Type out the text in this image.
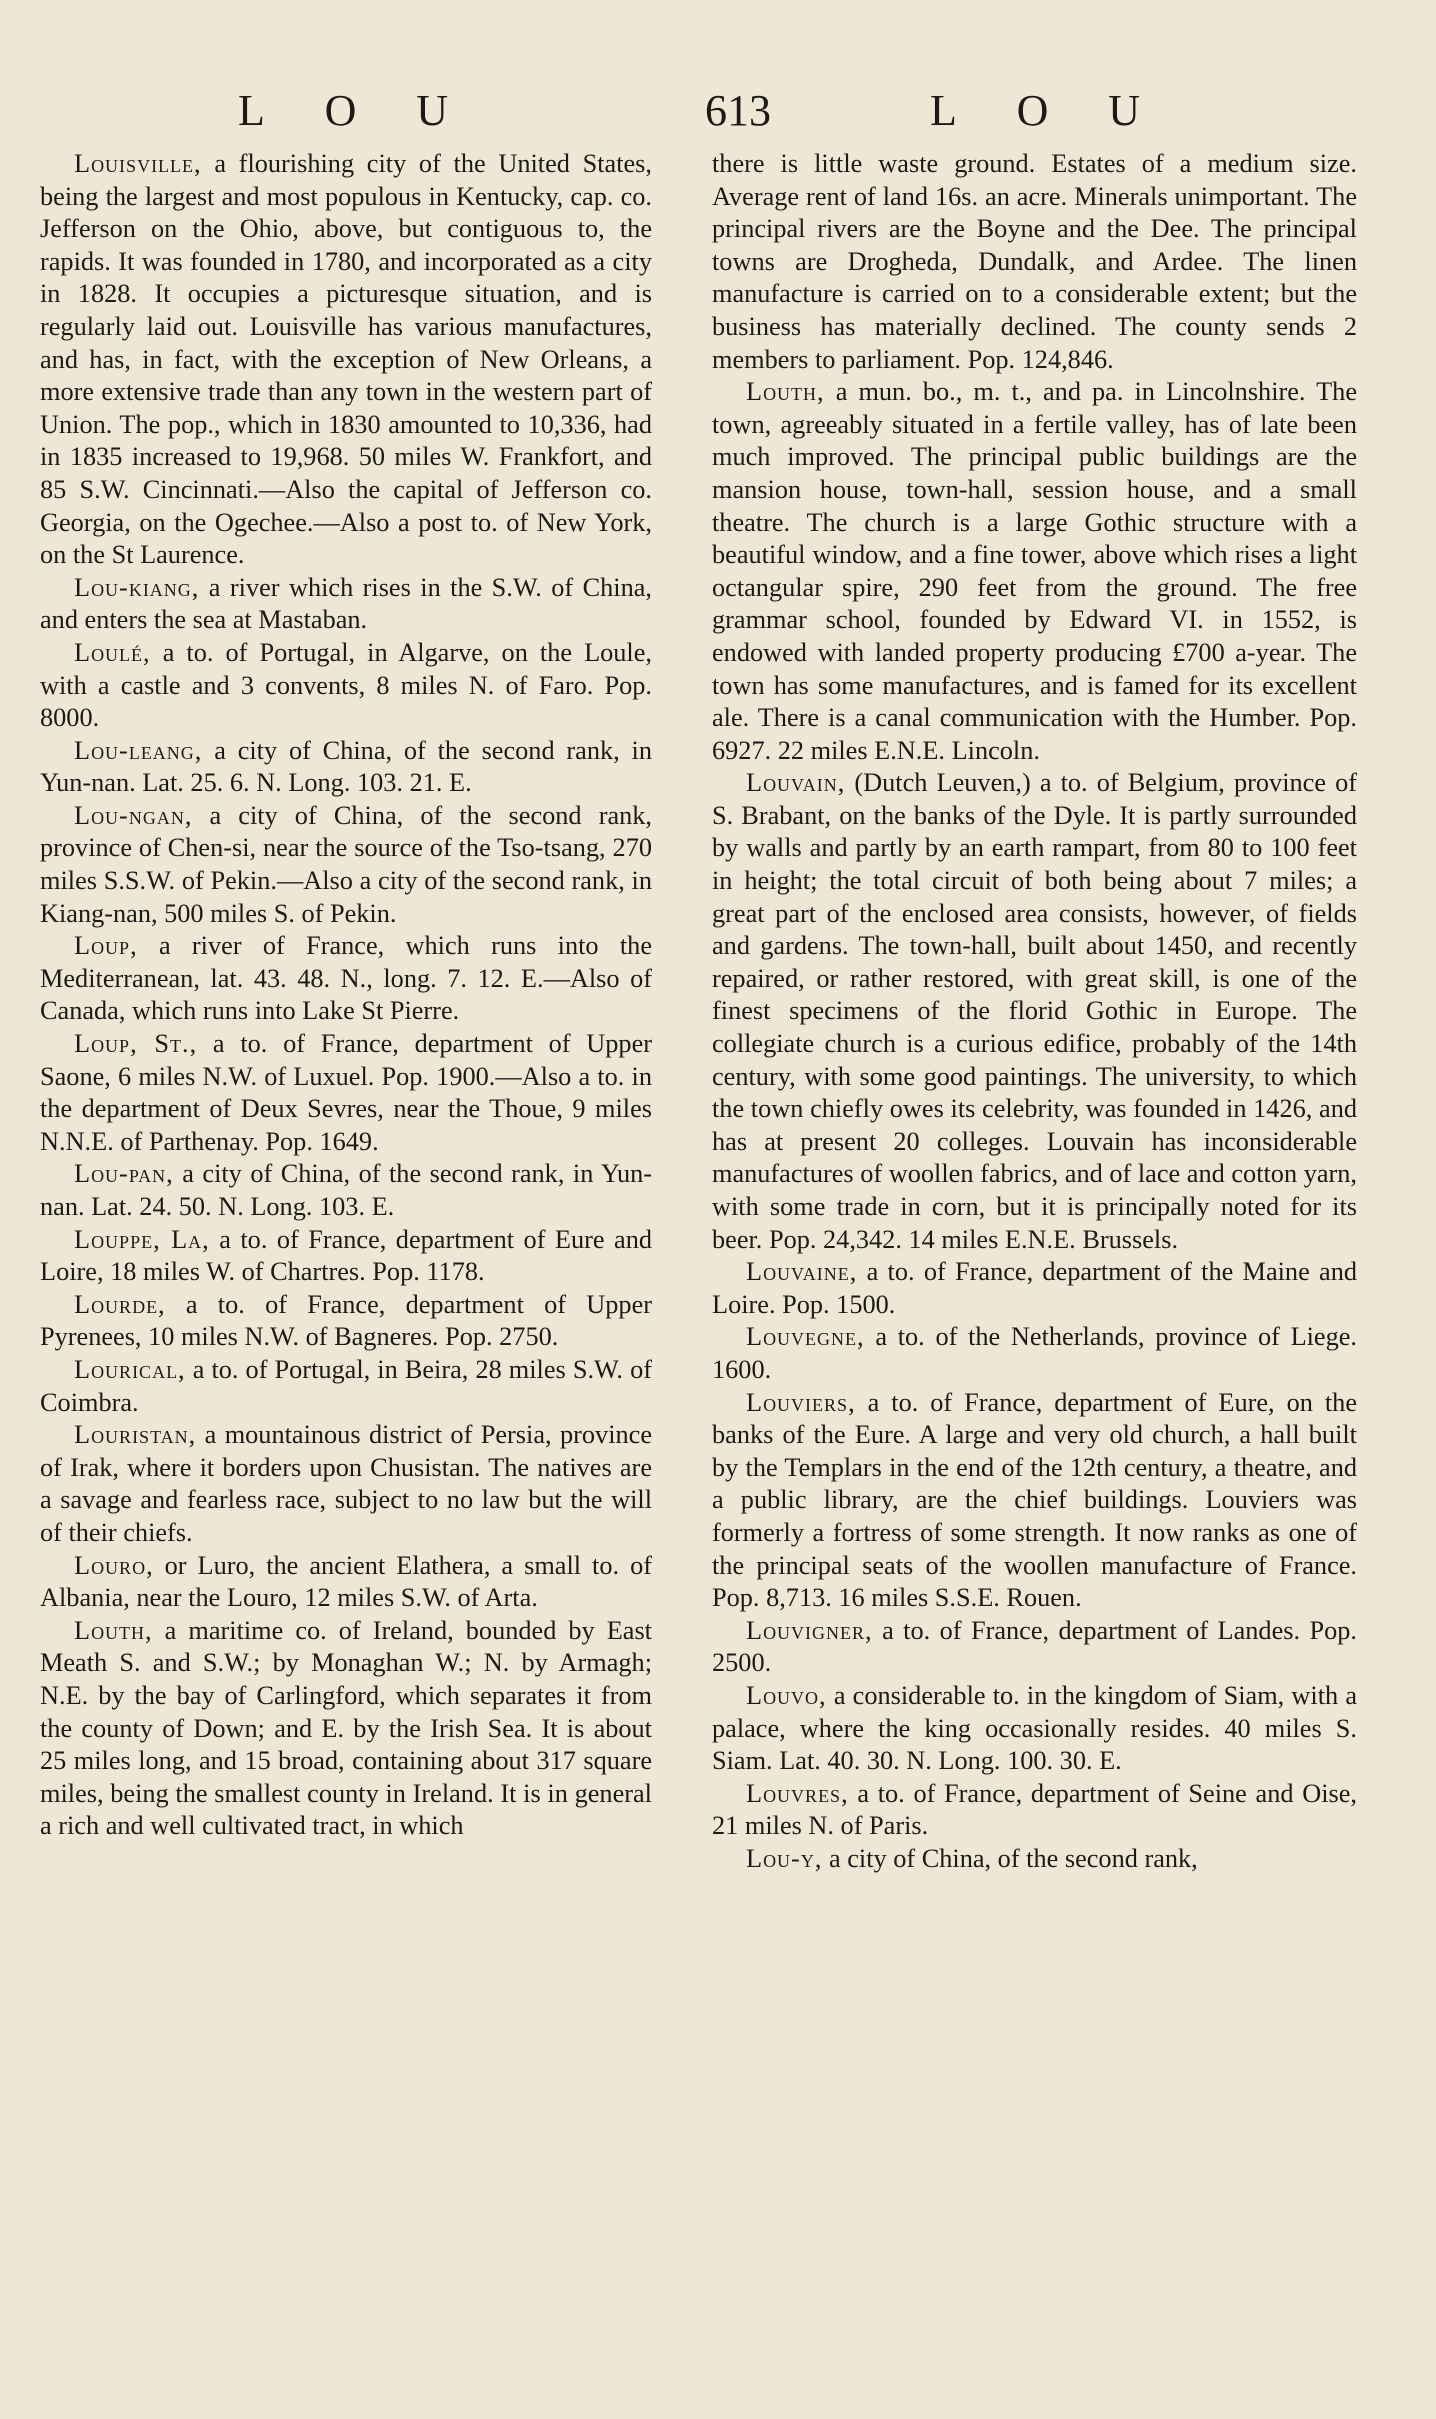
L O U	613	L O U

Louisville, a flourishing city of the United States, being the largest and most populous in Kentucky, cap. co. Jefferson on the Ohio, above, but contiguous to, the rapids. It was founded in 1780, and incorporated as a city in 1828. It occupies a picturesque situation, and is regularly laid out. Louisville has various manufactures, and has, in fact, with the exception of New Orleans, a more extensive trade than any town in the western part of Union. The pop., which in 1830 amounted to 10,336, had in 1835 increased to 19,968. 50 miles W. Frankfort, and 85 S.W. Cincinnati.—Also the capital of Jefferson co. Georgia, on the Ogechee.—Also a post to. of New York, on the St Laurence.

Lou-kiang, a river which rises in the S.W. of China, and enters the sea at Mastaban.

Loulé, a to. of Portugal, in Algarve, on the Loule, with a castle and 3 convents, 8 miles N. of Faro. Pop. 8000.

Lou-leang, a city of China, of the second rank, in Yun-nan. Lat. 25. 6. N. Long. 103. 21. E.

Lou-ngan, a city of China, of the second rank, province of Chen-si, near the source of the Tso-tsang, 270 miles S.S.W. of Pekin.—Also a city of the second rank, in Kiang-nan, 500 miles S. of Pekin.

Loup, a river of France, which runs into the Mediterranean, lat. 43. 48. N., long. 7. 12. E.—Also of Canada, which runs into Lake St Pierre.

Loup, St., a to. of France, department of Upper Saone, 6 miles N.W. of Luxuel. Pop. 1900.—Also a to. in the department of Deux Sevres, near the Thoue, 9 miles N.N.E. of Parthenay. Pop. 1649.

Lou-pan, a city of China, of the second rank, in Yun-nan. Lat. 24. 50. N. Long. 103. E.

Louppe, La, a to. of France, department of Eure and Loire, 18 miles W. of Chartres. Pop. 1178.

Lourde, a to. of France, department of Upper Pyrenees, 10 miles N.W. of Bagneres. Pop. 2750.

Lourical, a to. of Portugal, in Beira, 28 miles S.W. of Coimbra.

Louristan, a mountainous district of Persia, province of Irak, where it borders upon Chusistan. The natives are a savage and fearless race, subject to no law but the will of their chiefs.

Louro, or Luro, the ancient Elathera, a small to. of Albania, near the Louro, 12 miles S.W. of Arta.

Louth, a maritime co. of Ireland, bounded by East Meath S. and S.W.; by Monaghan W.; N. by Armagh; N.E. by the bay of Carlingford, which separates it from the county of Down; and E. by the Irish Sea. It is about 25 miles long, and 15 broad, containing about 317 square miles, being the smallest county in Ireland. It is in general a rich and well cultivated tract, in which

there is little waste ground. Estates of a medium size. Average rent of land 16s. an acre. Minerals unimportant. The principal rivers are the Boyne and the Dee. The principal towns are Drogheda, Dundalk, and Ardee. The linen manufacture is carried on to a considerable extent; but the business has materially declined. The county sends 2 members to parliament. Pop. 124,846.

Louth, a mun. bo., m. t., and pa. in Lincolnshire. The town, agreeably situated in a fertile valley, has of late been much improved. The principal public buildings are the mansion house, town-hall, session house, and a small theatre. The church is a large Gothic structure with a beautiful window, and a fine tower, above which rises a light octangular spire, 290 feet from the ground. The free grammar school, founded by Edward VI. in 1552, is endowed with landed property producing £700 a-year. The town has some manufactures, and is famed for its excellent ale. There is a canal communication with the Humber. Pop. 6927. 22 miles E.N.E. Lincoln.

Louvain, (Dutch Leuven,) a to. of Belgium, province of S. Brabant, on the banks of the Dyle. It is partly surrounded by walls and partly by an earth rampart, from 80 to 100 feet in height; the total circuit of both being about 7 miles; a great part of the enclosed area consists, however, of fields and gardens. The town-hall, built about 1450, and recently repaired, or rather restored, with great skill, is one of the finest specimens of the florid Gothic in Europe. The collegiate church is a curious edifice, probably of the 14th century, with some good paintings. The university, to which the town chiefly owes its celebrity, was founded in 1426, and has at present 20 colleges. Louvain has inconsiderable manufactures of woollen fabrics, and of lace and cotton yarn, with some trade in corn, but it is principally noted for its beer. Pop. 24,342. 14 miles E.N.E. Brussels.

Louvaine, a to. of France, department of the Maine and Loire. Pop. 1500.

Louvegne, a to. of the Netherlands, province of Liege. 1600.

Louviers, a to. of France, department of Eure, on the banks of the Eure. A large and very old church, a hall built by the Templars in the end of the 12th century, a theatre, and a public library, are the chief buildings. Louviers was formerly a fortress of some strength. It now ranks as one of the principal seats of the woollen manufacture of France. Pop. 8,713. 16 miles S.S.E. Rouen.

Louvigner, a to. of France, department of Landes. Pop. 2500.

Louvo, a considerable to. in the kingdom of Siam, with a palace, where the king occasionally resides. 40 miles S. Siam. Lat. 40. 30. N. Long. 100. 30. E.

Louvres, a to. of France, department of Seine and Oise, 21 miles N. of Paris.

Lou-y, a city of China, of the second rank,
